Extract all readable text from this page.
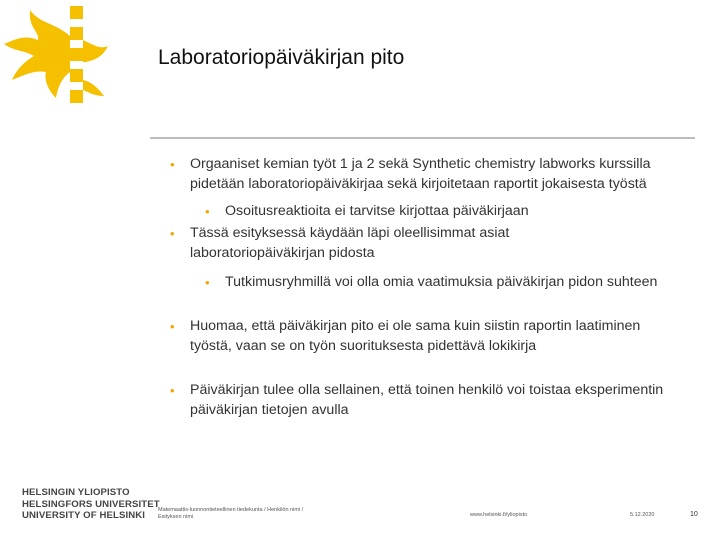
Laboratoriopäiväkirjan pito
• Orgaaniset kemian työt 1 ja 2 sekä Synthetic chemistry labworks kurssilla pidetään laboratoriopäiväkirjaa sekä kirjoitetaan raportit jokaisesta työstä
• Osoitusreaktioita ei tarvitse kirjottaa päiväkirjaan
• Tässä esityksessä käydään läpi oleellisimmat asiat laboratoriopäiväkirjan pidosta
• Tutkimusryhmillä voi olla omia vaatimuksia päiväkirjan pidon suhteen
• Huomaa, että päiväkirjan pito ei ole sama kuin siistin raportin laatiminen työstä, vaan se on työn suorituksesta pidettävä lokikirja
• Päiväkirjan tulee olla sellainen, että toinen henkilö voi toistaa eksperimentin päiväkirjan tietojen avulla
HELSINGIN YLIOPISTO
HELSINGFORS UNIVERSITET
UNIVERSITY OF HELSINKI	Matemaattis-luonnontieteellinen tiedekunta / Henkilön nimi /
Esityksen nimi	www.helsinki.fi/yliopisto	5.12.2020	10
